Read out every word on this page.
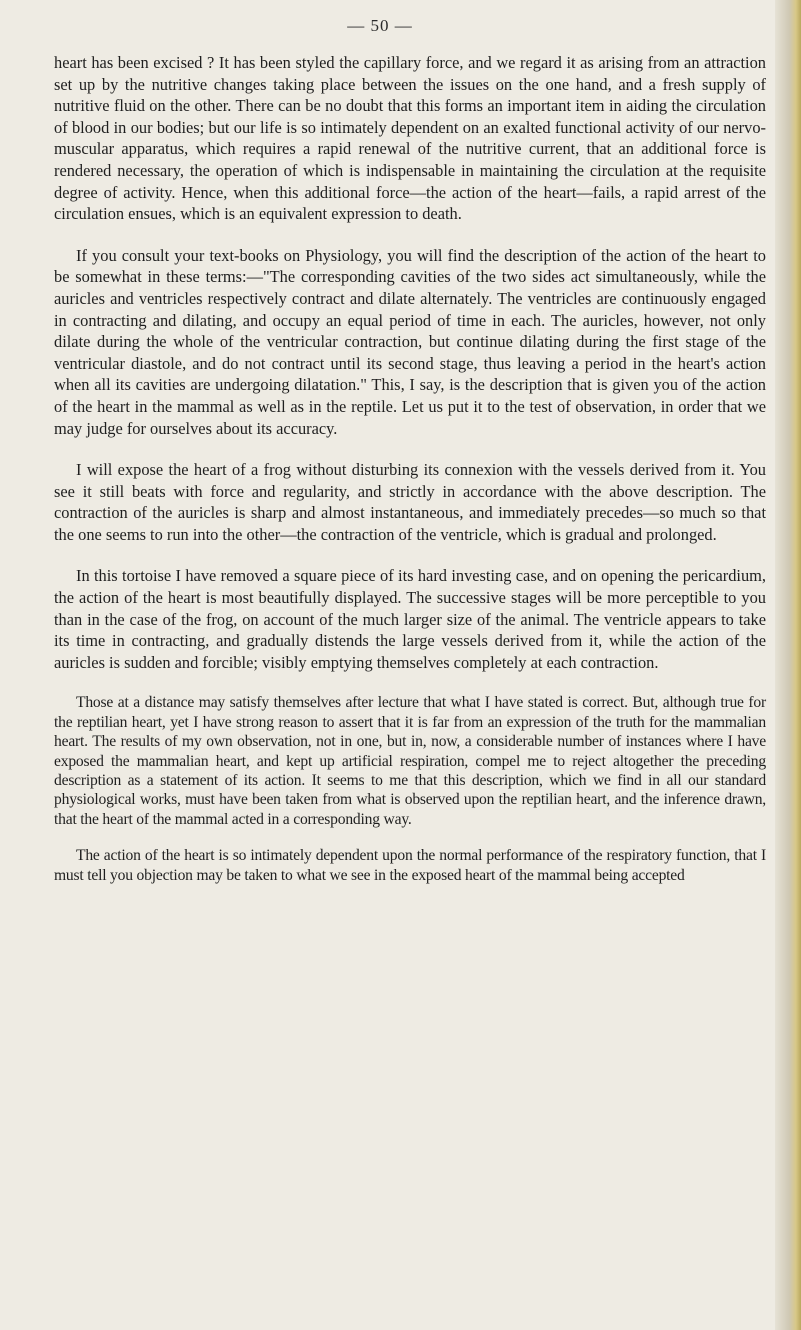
— 50 —

heart has been excised ? It has been styled the capillary force, and we regard it as arising from an attraction set up by the nutritive changes taking place between the issues on the one hand, and a fresh supply of nutritive fluid on the other. There can be no doubt that this forms an important item in aiding the circulation of blood in our bodies; but our life is so intimately dependent on an exalted functional activity of our nervo-muscular apparatus, which requires a rapid renewal of the nutritive current, that an additional force is rendered necessary, the operation of which is indispensable in maintaining the circulation at the requisite degree of activity. Hence, when this additional force—the action of the heart—fails, a rapid arrest of the circulation ensues, which is an equivalent expression to death.

If you consult your text-books on Physiology, you will find the description of the action of the heart to be somewhat in these terms:—"The corresponding cavities of the two sides act simultaneously, while the auricles and ventricles respectively contract and dilate alternately. The ventricles are continuously engaged in contracting and dilating, and occupy an equal period of time in each. The auricles, however, not only dilate during the whole of the ventricular contraction, but continue dilating during the first stage of the ventricular diastole, and do not contract until its second stage, thus leaving a period in the heart's action when all its cavities are undergoing dilatation." This, I say, is the description that is given you of the action of the heart in the mammal as well as in the reptile. Let us put it to the test of observation, in order that we may judge for ourselves about its accuracy.

I will expose the heart of a frog without disturbing its connexion with the vessels derived from it. You see it still beats with force and regularity, and strictly in accordance with the above description. The contraction of the auricles is sharp and almost instantaneous, and immediately precedes—so much so that the one seems to run into the other—the contraction of the ventricle, which is gradual and prolonged.

In this tortoise I have removed a square piece of its hard investing case, and on opening the pericardium, the action of the heart is most beautifully displayed. The successive stages will be more perceptible to you than in the case of the frog, on account of the much larger size of the animal. The ventricle appears to take its time in contracting, and gradually distends the large vessels derived from it, while the action of the auricles is sudden and forcible; visibly emptying themselves completely at each contraction.

Those at a distance may satisfy themselves after lecture that what I have stated is correct. But, although true for the reptilian heart, yet I have strong reason to assert that it is far from an expression of the truth for the mammalian heart. The results of my own observation, not in one, but in, now, a considerable number of instances where I have exposed the mammalian heart, and kept up artificial respiration, compel me to reject altogether the preceding description as a statement of its action. It seems to me that this description, which we find in all our standard physiological works, must have been taken from what is observed upon the reptilian heart, and the inference drawn, that the heart of the mammal acted in a corresponding way.

The action of the heart is so intimately dependent upon the normal performance of the respiratory function, that I must tell you objection may be taken to what we see in the exposed heart of the mammal being accepted
